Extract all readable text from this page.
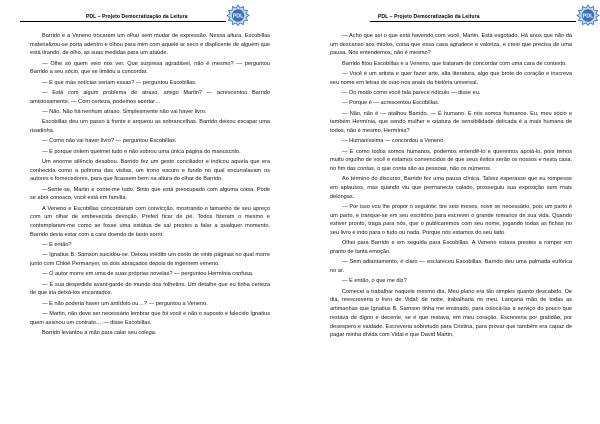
PDL – Projeto Democratização da Leitura	PDL

Barrido e a Veneno trocaram um olhar sem mudar de expressão. Nessa altura, Escobillas materializou-se porta adentro e olhou para mim com aquele ar seco e displicente de alguém que está tirando, de olho, as suas medidas para um ataúde.

— Olhe só quem veio nos ver. Que surpresa agradável, não é mesmo? — perguntou Barrido a seu sócio, que se limitou a concordar.

— E que más notícias seriam essas? — perguntou Escobillas.

— Está com algum problema de atraso, amigo Martin? — acrescentou Barrido amistosamente. — Com certeza, podemos acertar…

— Não. Não há nenhum atraso. Simplesmente não vai haver livro.

Escobillas deu um passo à frente e arqueou as sobrancelhas. Barrido deixou escapar uma risadinha.

— Como não vai haver livro? — perguntou Escobillas.

— É porque ontem queimei tudo e não sobrou uma única página do manuscrito.

Um enorme silêncio desabou. Barrido fez um gesto conciliador e indicou aquela que era conhecida como a poltrona das visitas, um trono escuro e fundo no qual encurralavam os autores e fornecedores, para que ficassem bem na altura do olhar de Barrido.

—Sente-se, Martin e conte-me tudo. Sinto que está preocupado com alguma coisa. Pode se abrir conosco, você está em família.

A Veneno e Escobillas concordaram com convicção, mostrando o tamanho de seu apreço com um olhar de embevecida devoção. Preferi ficar de pé. Todos fizeram o mesmo e contemplaram-me como se fosse uma estátua de sal prestes a falar a qualquer momento. Barrido devia estar com a cara doendo de tanto sorrir.

— E então?

— Ignatius B. Samson suicidou-se. Deixou inédito um conto de vinte páginas no qual morre junto com Chloé Permanyer, os dois abraçados depois de ingerirem veneno.

— O autor morre em uma de suas próprias novelas? — perguntou Hermínia confusa.

— É sua despedida avant-garde do mundo dos folhetins. Um detalhe que eu tinha certeza de que iria deixá-los encantados.

— E não poderia haver um antídoto ou…? — perguntou a Veneno.

— Martin, não deve ser necessário lembrar que foi você e não o suposto e falecido Ignatius quem assinou um contrato… — disse Escobillas.

Barrido levantou a mão para calar seu colega.

PDL – Projeto Democratização da Leitura	PDL

— Acho que sei o que está havendo com você, Martin. Está esgotado. Há anos que não dá um descanso aos miolos, coisa que essa casa agradece e valoriza, e creio que precisa de uma pausa. Nós entendemos, não é mesmo?

Barrido fitou Escobillas e a Veneno, que trataram de concordar com uma cara de contexto.

— Você é um artista e quer fazer arte, alta literatura, algo que brote do coração e inscreva seu nome em letras de ouro nos anais da história universal.

— Do modo como você fala parece ridículo — disse eu.

— Porque é — acrescentou Escobillas.

— Não, não é — atalhou Barrido. — É humano. E nós somos humanos. Eu, meu sócio e também Hermínia, que sendo mulher e criatura de sensibilidade delicada é a mais humana de todos, não é mesmo, Hermínia?

— Humaníssima — concordou a Veneno.

— E como todos somos humanos, podemos entendê-lo e queremos apoiá-lo, pois temos muito orgulho de você e estamos convencidos de que seus êxitos serão os nossos e nesta casa, no fim das contas, o que conta são as pessoas, não os números.

Ao término do discurso, Barrido fez uma pausa clínica. Talvez esperasse que eu rompesse em aplausos, mas quando viu que permanecia calado, prosseguiu sua exposição sem mais delongas.

— Por isso vou lhe propor o seguinte: tire seis meses, nove se necessário, pois um parto é um parto, e tranque-se em seu escritório para escrever o grande romance de sua vida. Quando estiver pronto, traga para nós, que o publicaremos com seu nome, jogando todas as fichas no seu livro e indo para o tudo ou nada. Porque nós estamos do seu lado.

Olhei para Barrido e em seguida para Escobillas. A Veneno estava prestes a romper em pranto de tanta emoção.

— Sem adiantamento, é claro — esclareceu Escobillas. Barrido deu uma palmada eufórica no ar.

— E então, o que me diz?

Comecei a trabalhar naquele mesmo dia. Meu plano era tão simples quanto descabido. De dia, reescreveria o livro de Vidal; de noite, trabalharia no meu. Lançaria mão de todas as artimanhas que Ignatius B. Samson tinha me ensinado, para colocá-las a serviço do pouco que restava de digno e decente, se é que restava, em meu coração. Escreveria por gratidão, por desespero e vaidade. Escreveria sobretudo para Cristina, para provar que também era capaz de pagar minha dívida com Vidal e que David Martin,
